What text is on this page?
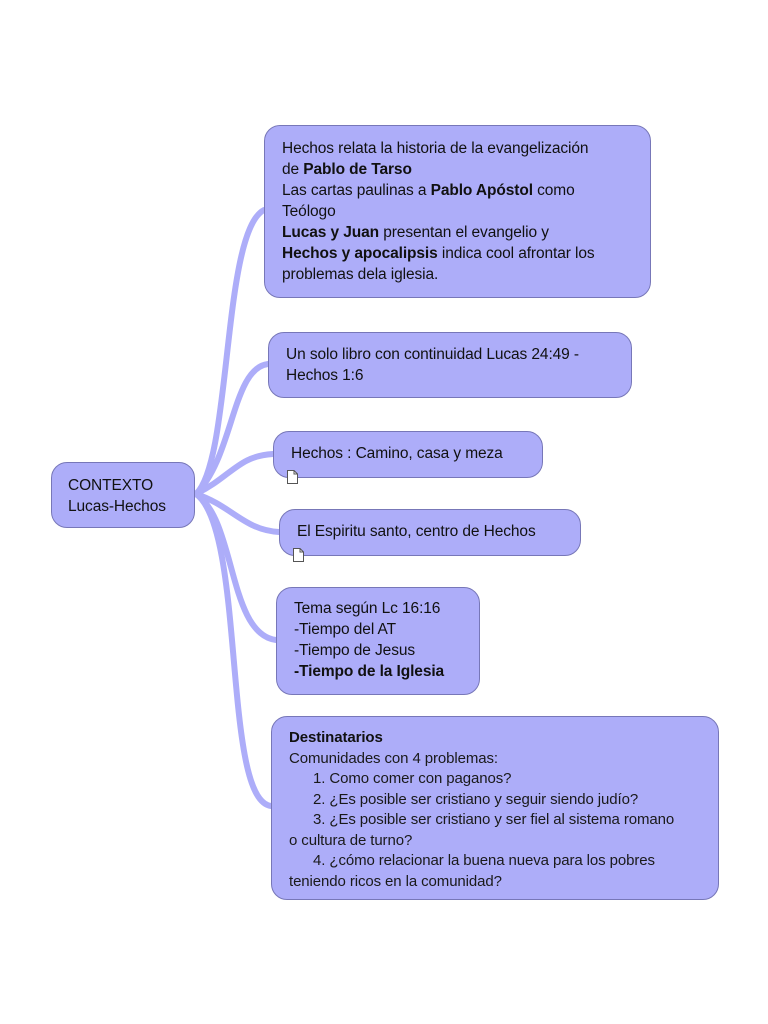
CONTEXTO
Lucas-Hechos
Hechos relata la historia de la evangelización
de Pablo de Tarso
Las cartas paulinas a Pablo Apóstol como
Teólogo
Lucas y Juan presentan el evangelio y
Hechos y apocalipsis indica cool afrontar los
problemas dela iglesia.
Un solo libro con continuidad Lucas 24:49 -
Hechos 1:6
Hechos : Camino, casa y meza
El Espiritu santo, centro de Hechos
Tema según Lc 16:16
-Tiempo del AT
-Tiempo de Jesus
-Tiempo de la Iglesia
Destinatarios
Comunidades con 4 problemas:
1. Como comer con paganos?
2. ¿Es posible ser cristiano y seguir siendo judío?
3. ¿Es posible ser cristiano y ser fiel al sistema romano
o cultura de turno?
4. ¿cómo relacionar la buena nueva para los pobres
teniendo ricos en la comunidad?
